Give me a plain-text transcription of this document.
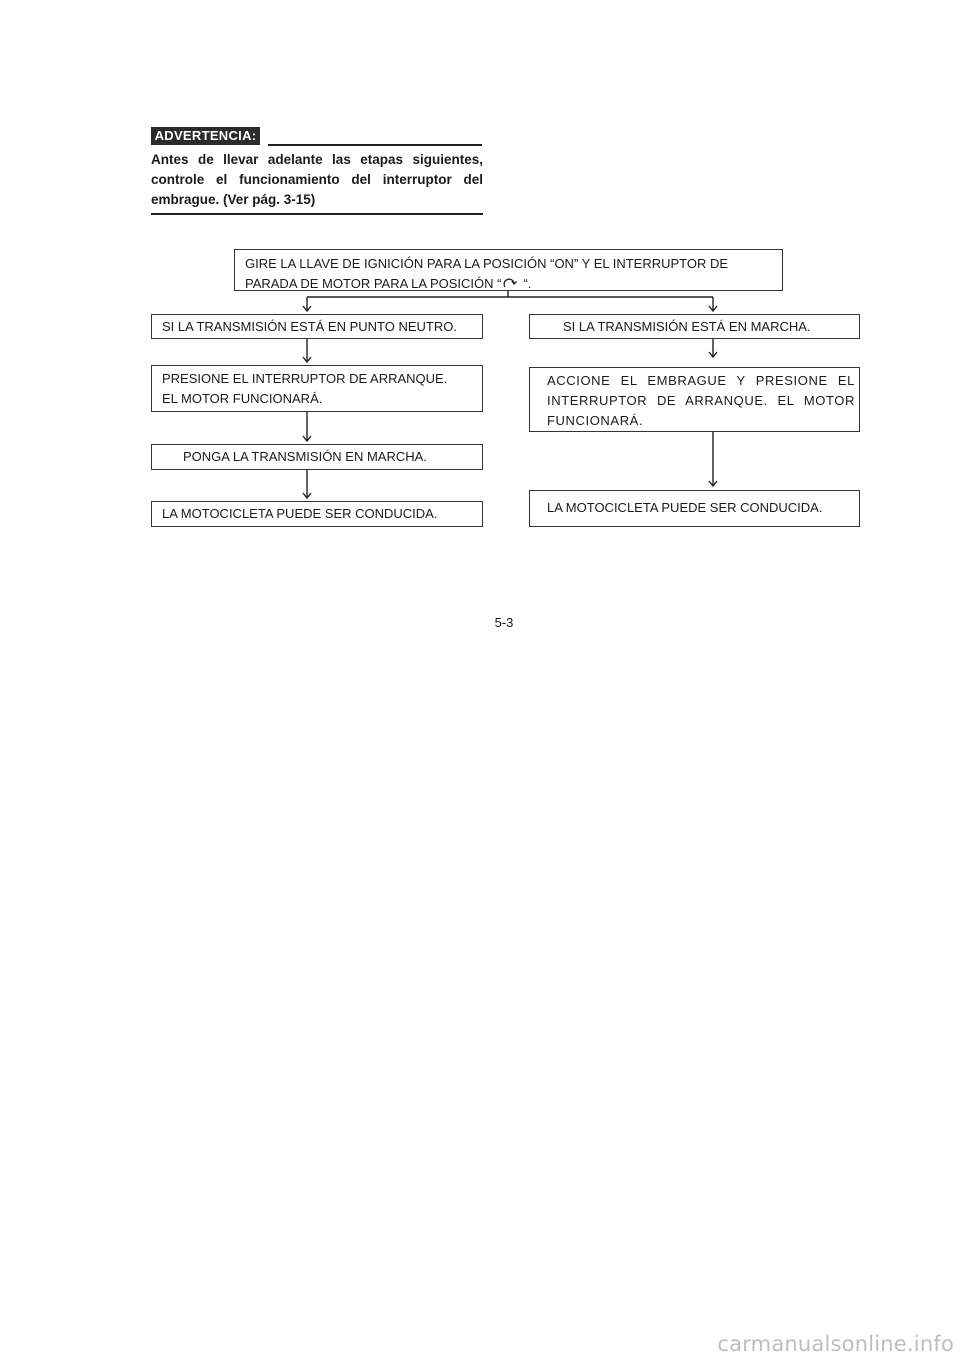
ADVERTENCIA:
Antes de llevar adelante las etapas siguientes, controle el funcionamiento del interruptor del embrague. (Ver pág. 3-15)
GIRE LA LLAVE DE IGNICIÓN PARA LA POSICIÓN “ON” Y EL INTERRUPTOR DE
PARADA DE MOTOR PARA LA POSICIÓN “ “.
SI LA TRANSMISIÓN ESTÁ EN PUNTO NEUTRO.
PRESIONE EL INTERRUPTOR DE ARRANQUE.
EL MOTOR FUNCIONARÁ.
PONGA LA TRANSMISIÓN EN MARCHA.
LA MOTOCICLETA PUEDE SER CONDUCIDA.
SI LA TRANSMISIÓN ESTÁ EN MARCHA.
ACCIONE EL EMBRAGUE Y PRESIONE EL INTERRUPTOR DE ARRANQUE. EL MOTOR FUNCIONARÁ.
LA MOTOCICLETA PUEDE SER CONDUCIDA.
5-3
carmanualsonline.info
